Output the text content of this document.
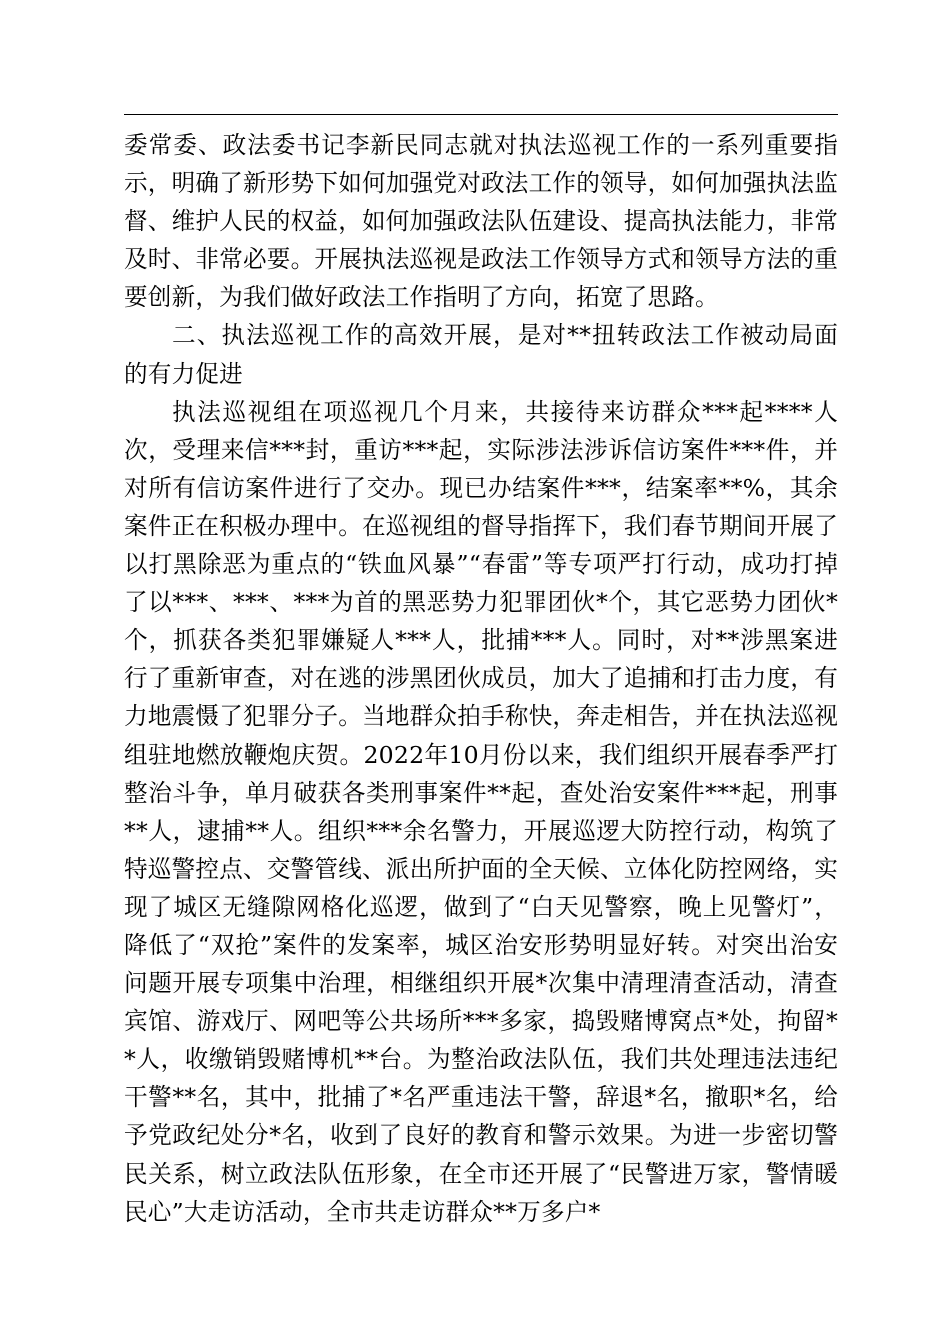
委常委、政法委书记李新民同志就对执法巡视工作的一系列重要指示，明确了新形势下如何加强党对政法工作的领导，如何加强执法监督、维护人民的权益，如何加强政法队伍建设、提高执法能力，非常及时、非常必要。开展执法巡视是政法工作领导方式和领导方法的重要创新，为我们做好政法工作指明了方向，拓宽了思路。

二、执法巡视工作的高效开展，是对**扭转政法工作被动局面的有力促进

执法巡视组在项巡视几个月来，共接待来访群众***起****人次，受理来信***封，重访***起，实际涉法涉诉信访案件***件，并对所有信访案件进行了交办。现已办结案件***，结案率**%，其余案件正在积极办理中。在巡视组的督导指挥下，我们春节期间开展了以打黑除恶为重点的“铁血风暴”“春雷”等专项严打行动，成功打掉了以***、***、***为首的黑恶势力犯罪团伙*个，其它恶势力团伙*个，抓获各类犯罪嫌疑人***人，批捕***人。同时，对**涉黑案进行了重新审查，对在逃的涉黑团伙成员，加大了追捕和打击力度，有力地震慑了犯罪分子。当地群众拍手称快，奔走相告，并在执法巡视组驻地燃放鞭炮庆贺。2022年10月份以来，我们组织开展春季严打整治斗争，单月破获各类刑事案件**起，查处治安案件***起，刑事**人，逮捕**人。组织***余名警力，开展巡逻大防控行动，构筑了特巡警控点、交警管线、派出所护面的全天候、立体化防控网络，实现了城区无缝隙网格化巡逻，做到了“白天见警察，晚上见警灯”，降低了“双抢”案件的发案率，城区治安形势明显好转。对突出治安问题开展专项集中治理，相继组织开展*次集中清理清查活动，清查宾馆、游戏厅、网吧等公共场所***多家，捣毁赌博窝点*处，拘留**人，收缴销毁赌博机**台。为整治政法队伍，我们共处理违法违纪干警**名，其中，批捕了*名严重违法干警，辞退*名，撤职*名，给予党政纪处分*名，收到了良好的教育和警示效果。为进一步密切警民关系，树立政法队伍形象，在全市还开展了“民警进万家，警情暖民心”大走访活动，全市共走访群众**万多户*
